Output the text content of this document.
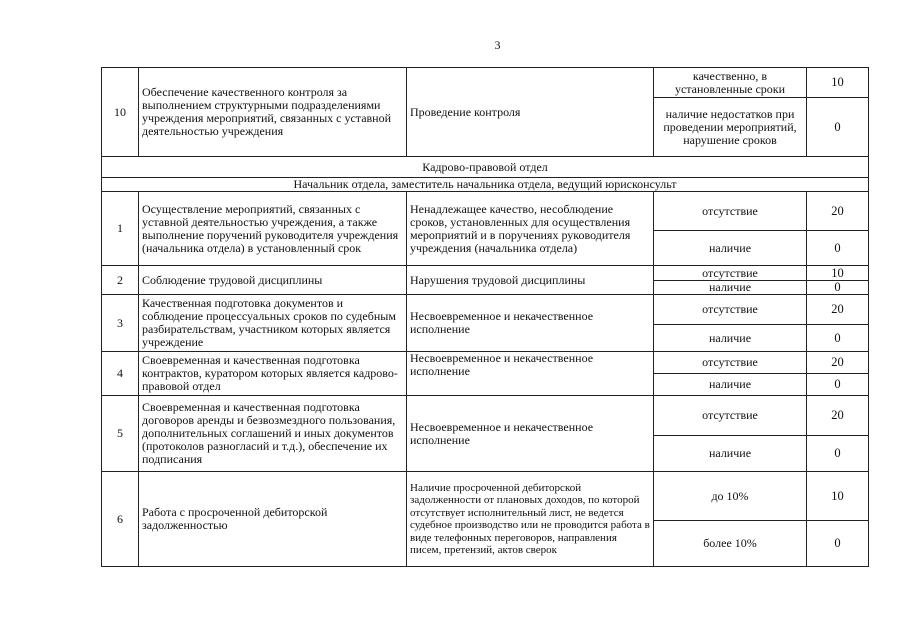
3
10	Обеспечение качественного контроля за выполнением структурными подразделениями учреждения мероприятий, связанных с уставной деятельностью учреждения	Проведение контроля	качественно, в установленные сроки	10
			наличие недостатков при проведении мероприятий, нарушение сроков	0
Кадрово-правовой отдел				
Начальник отдела, заместитель начальника отдела, ведущий юрисконсульт				
1	Осуществление мероприятий, связанных с уставной деятельностью учреждения, а также выполнение поручений руководителя учреждения (начальника отдела) в установленный срок	Ненадлежащее качество, несоблюдение сроков, установленных для осуществления мероприятий и в поручениях руководителя учреждения (начальника отдела)	отсутствие	20
			наличие	0
2	Соблюдение трудовой дисциплины	Нарушения трудовой дисциплины	отсутствие	10
			наличие	0
3	Качественная подготовка документов и соблюдение процессуальных сроков по судебным разбирательствам, участником которых является учреждение	Несвоевременное и некачественное исполнение	отсутствие	20
			наличие	0
4	Своевременная и качественная подготовка контрактов, куратором которых является кадрово-правовой отдел	Несвоевременное и некачественное исполнение	отсутствие	20
			наличие	0
5	Своевременная и качественная подготовка договоров аренды и безвозмездного пользования, дополнительных соглашений и иных документов (протоколов разногласий и т.д.), обеспечение их подписания	Несвоевременное и некачественное исполнение	отсутствие	20
			наличие	0
6	Работа с просроченной дебиторской задолженностью	Наличие просроченной дебиторской задолженности от плановых доходов, по которой отсутствует исполнительный лист, не ведется судебное производство или не проводится работа в виде телефонных переговоров, направления писем, претензий, актов сверок	до 10%	10
			более 10%	0
